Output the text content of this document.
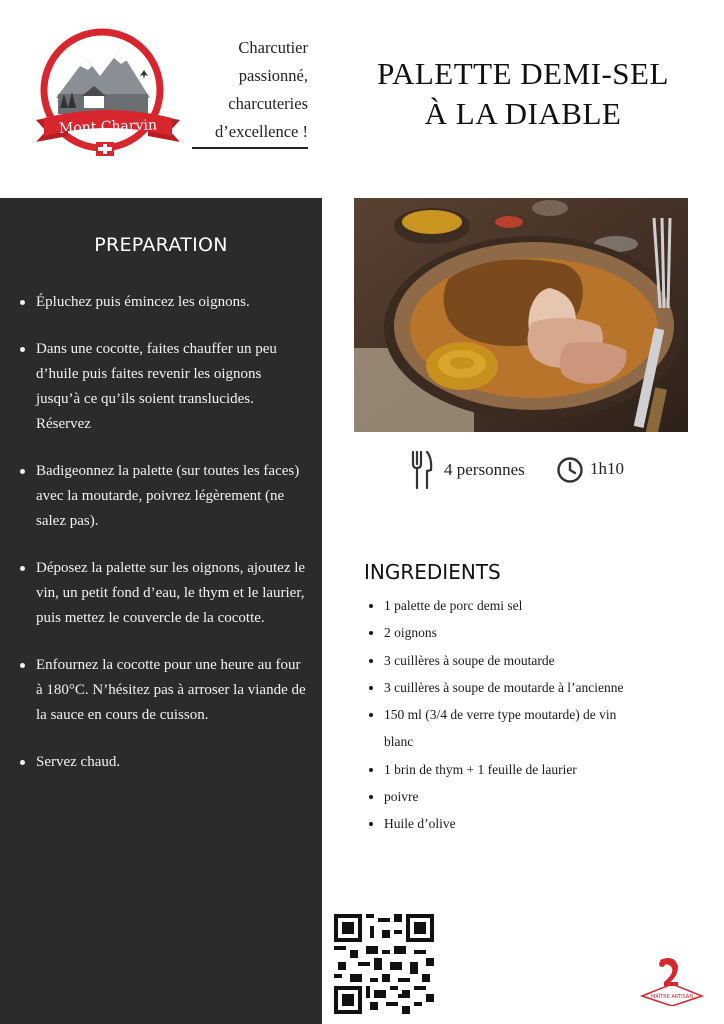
Mont Charvin
Charcutier
passionné,
charcuteries
d’excellence !
PALETTE DEMI-SEL
À LA DIABLE
PREPARATION
Épluchez puis émincez les oignons.
Dans une cocotte, faites chauffer un peu d’huile puis faites revenir les oignons jusqu’à ce qu’ils soient translucides. Réservez
Badigeonnez la palette (sur toutes les faces) avec la moutarde, poivrez légèrement (ne salez pas).
Déposez la palette sur les oignons, ajoutez le vin, un petit fond d’eau, le thym et le laurier, puis mettez le couvercle de la cocotte.
Enfournez la cocotte pour une heure au four à 180°C. N’hésitez pas à arroser la viande de la sauce en cours de cuisson.
Servez chaud.
4 personnes	1h10
INGREDIENTS
1 palette de porc demi sel
2 oignons
3 cuillères à soupe de moutarde
3 cuillères à soupe de moutarde à l’ancienne
150 ml (3/4 de verre type moutarde) de vin
blanc
1 brin de thym + 1 feuille de laurier
poivre
Huile d’olive
MAÎTRE ARTISAN
